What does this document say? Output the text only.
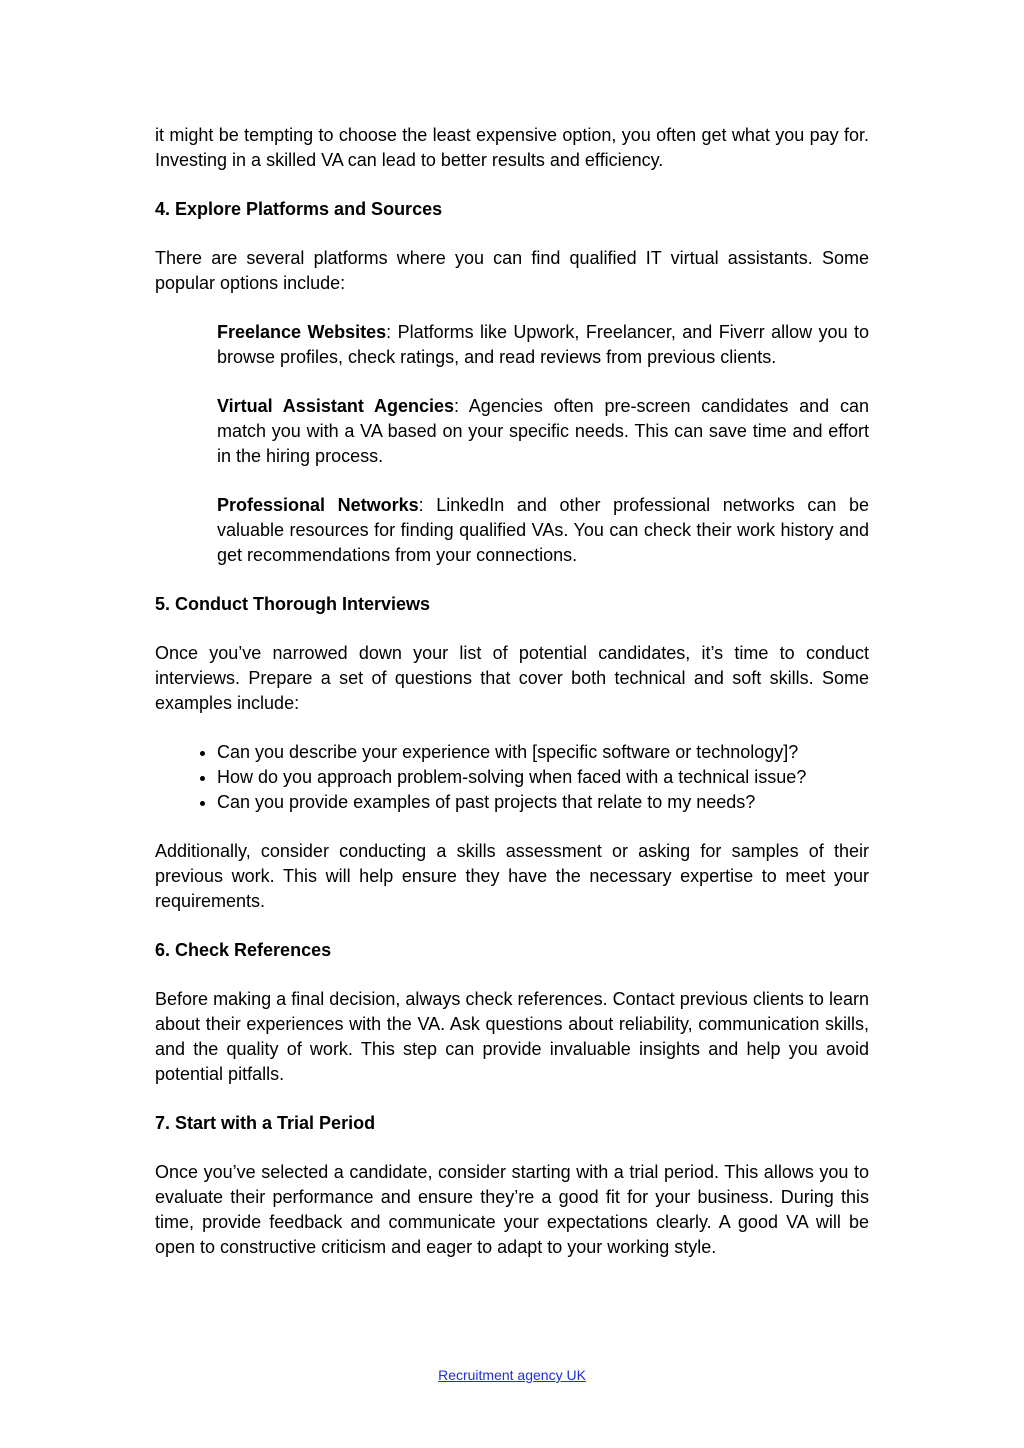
it might be tempting to choose the least expensive option, you often get what you pay for. Investing in a skilled VA can lead to better results and efficiency.

4. Explore Platforms and Sources

There are several platforms where you can find qualified IT virtual assistants. Some popular options include:

Freelance Websites: Platforms like Upwork, Freelancer, and Fiverr allow you to browse profiles, check ratings, and read reviews from previous clients.

Virtual Assistant Agencies: Agencies often pre-screen candidates and can match you with a VA based on your specific needs. This can save time and effort in the hiring process.

Professional Networks: LinkedIn and other professional networks can be valuable resources for finding qualified VAs. You can check their work history and get recommendations from your connections.

5. Conduct Thorough Interviews

Once you’ve narrowed down your list of potential candidates, it’s time to conduct interviews. Prepare a set of questions that cover both technical and soft skills. Some examples include:

Can you describe your experience with [specific software or technology]?
How do you approach problem-solving when faced with a technical issue?
Can you provide examples of past projects that relate to my needs?

Additionally, consider conducting a skills assessment or asking for samples of their previous work. This will help ensure they have the necessary expertise to meet your requirements.

6. Check References

Before making a final decision, always check references. Contact previous clients to learn about their experiences with the VA. Ask questions about reliability, communication skills, and the quality of work. This step can provide invaluable insights and help you avoid potential pitfalls.

7. Start with a Trial Period

Once you’ve selected a candidate, consider starting with a trial period. This allows you to evaluate their performance and ensure they’re a good fit for your business. During this time, provide feedback and communicate your expectations clearly. A good VA will be open to constructive criticism and eager to adapt to your working style.

Recruitment agency UK
